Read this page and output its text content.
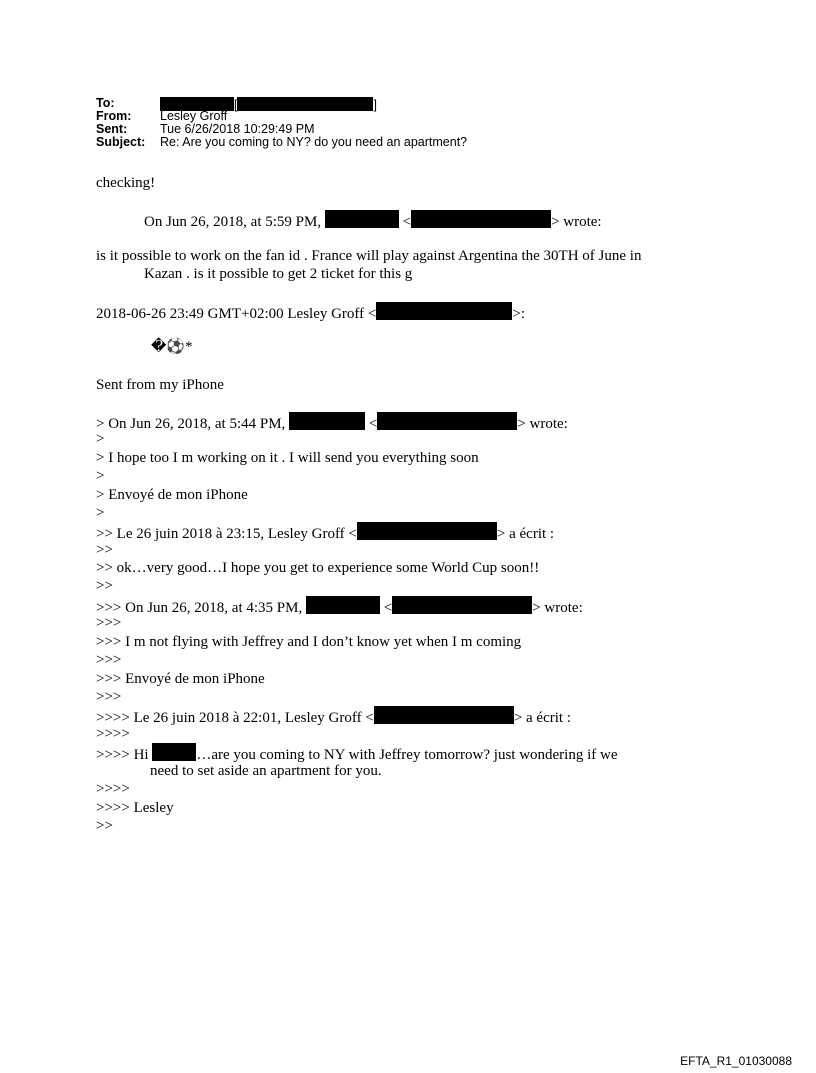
To:	[	]
From:	Lesley Groff
Sent:	Tue 6/26/2018 10:29:49 PM
Subject:	Re: Are you coming to NY? do you need an apartment?
checking!
On Jun 26, 2018, at 5:59 PM,	<	> wrote:
is it possible to work on the fan id . France will play against Argentina the 30TH of June in
Kazan . is it possible to get 2 ticket for this g
2018-06-26 23:49 GMT+02:00 Lesley Groff <	>:
�⚽*
Sent from my iPhone
> On Jun 26, 2018, at 5:44 PM,	<	> wrote:
>
> I hope too I m working on it . I will send you everything soon
>
> Envoyé de mon iPhone
>
>> Le 26 juin 2018 à 23:15, Lesley Groff <	> a écrit :
>>
>> ok…very good…I hope you get to experience some World Cup soon!!
>>
>>> On Jun 26, 2018, at 4:35 PM,	<	> wrote:
>>>
>>> I m not flying with Jeffrey and I don’t know yet when I m coming
>>>
>>> Envoyé de mon iPhone
>>>
>>>> Le 26 juin 2018 à 22:01, Lesley Groff <	> a écrit :
>>>>
>>>> Hi	…are you coming to NY with Jeffrey tomorrow? just wondering if we
need to set aside an apartment for you.
>>>>
>>>> Lesley
>>
EFTA_R1_01030088
